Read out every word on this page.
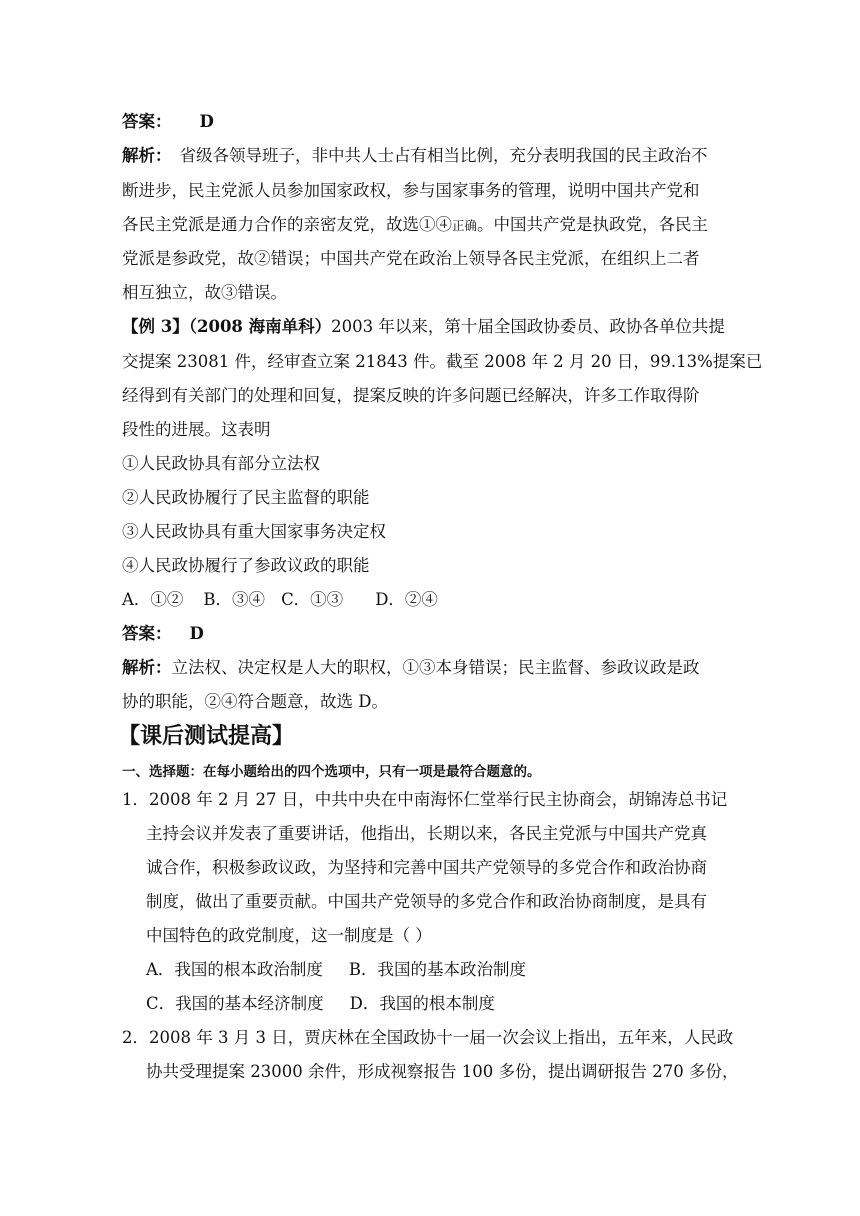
答案： D
解析： 省级各领导班子，非中共人士占有相当比例，充分表明我国的民主政治不
断进步，民主党派人员参加国家政权，参与国家事务的管理，说明中国共产党和
各民主党派是通力合作的亲密友党，故选①④正确。中国共产党是执政党，各民主
党派是参政党，故②错误；中国共产党在政治上领导各民主党派，在组织上二者
相互独立，故③错误。
【例 3】（2008 海南单科）2003 年以来，第十届全国政协委员、政协各单位共提
交提案 23081 件，经审查立案 21843 件。截至 2008 年 2 月 20 日，99.13%提案已
经得到有关部门的处理和回复，提案反映的许多问题已经解决，许多工作取得阶
段性的进展。这表明
①人民政协具有部分立法权
②人民政协履行了民主监督的职能
③人民政协具有重大国家事务决定权
④人民政协履行了参政议政的职能
A．①② B．③④ C．①③ D．②④
答案： D
解析：立法权、决定权是人大的职权，①③本身错误；民主监督、参政议政是政
协的职能，②④符合题意，故选 D。
【课后测试提高】
一、选择题：在每小题给出的四个选项中，只有一项是最符合题意的。
1．2008 年 2 月 27 日，中共中央在中南海怀仁堂举行民主协商会，胡锦涛总书记
主持会议并发表了重要讲话，他指出，长期以来，各民主党派与中国共产党真
诚合作，积极参政议政，为坚持和完善中国共产党领导的多党合作和政治协商
制度，做出了重要贡献。中国共产党领导的多党合作和政治协商制度，是具有
中国特色的政党制度，这一制度是（ ）
A．我国的根本政治制度 B．我国的基本政治制度
C．我国的基本经济制度 D．我国的根本制度
2．2008 年 3 月 3 日，贾庆林在全国政协十一届一次会议上指出，五年来，人民政
协共受理提案 23000 余件，形成视察报告 100 多份，提出调研报告 270 多份，
